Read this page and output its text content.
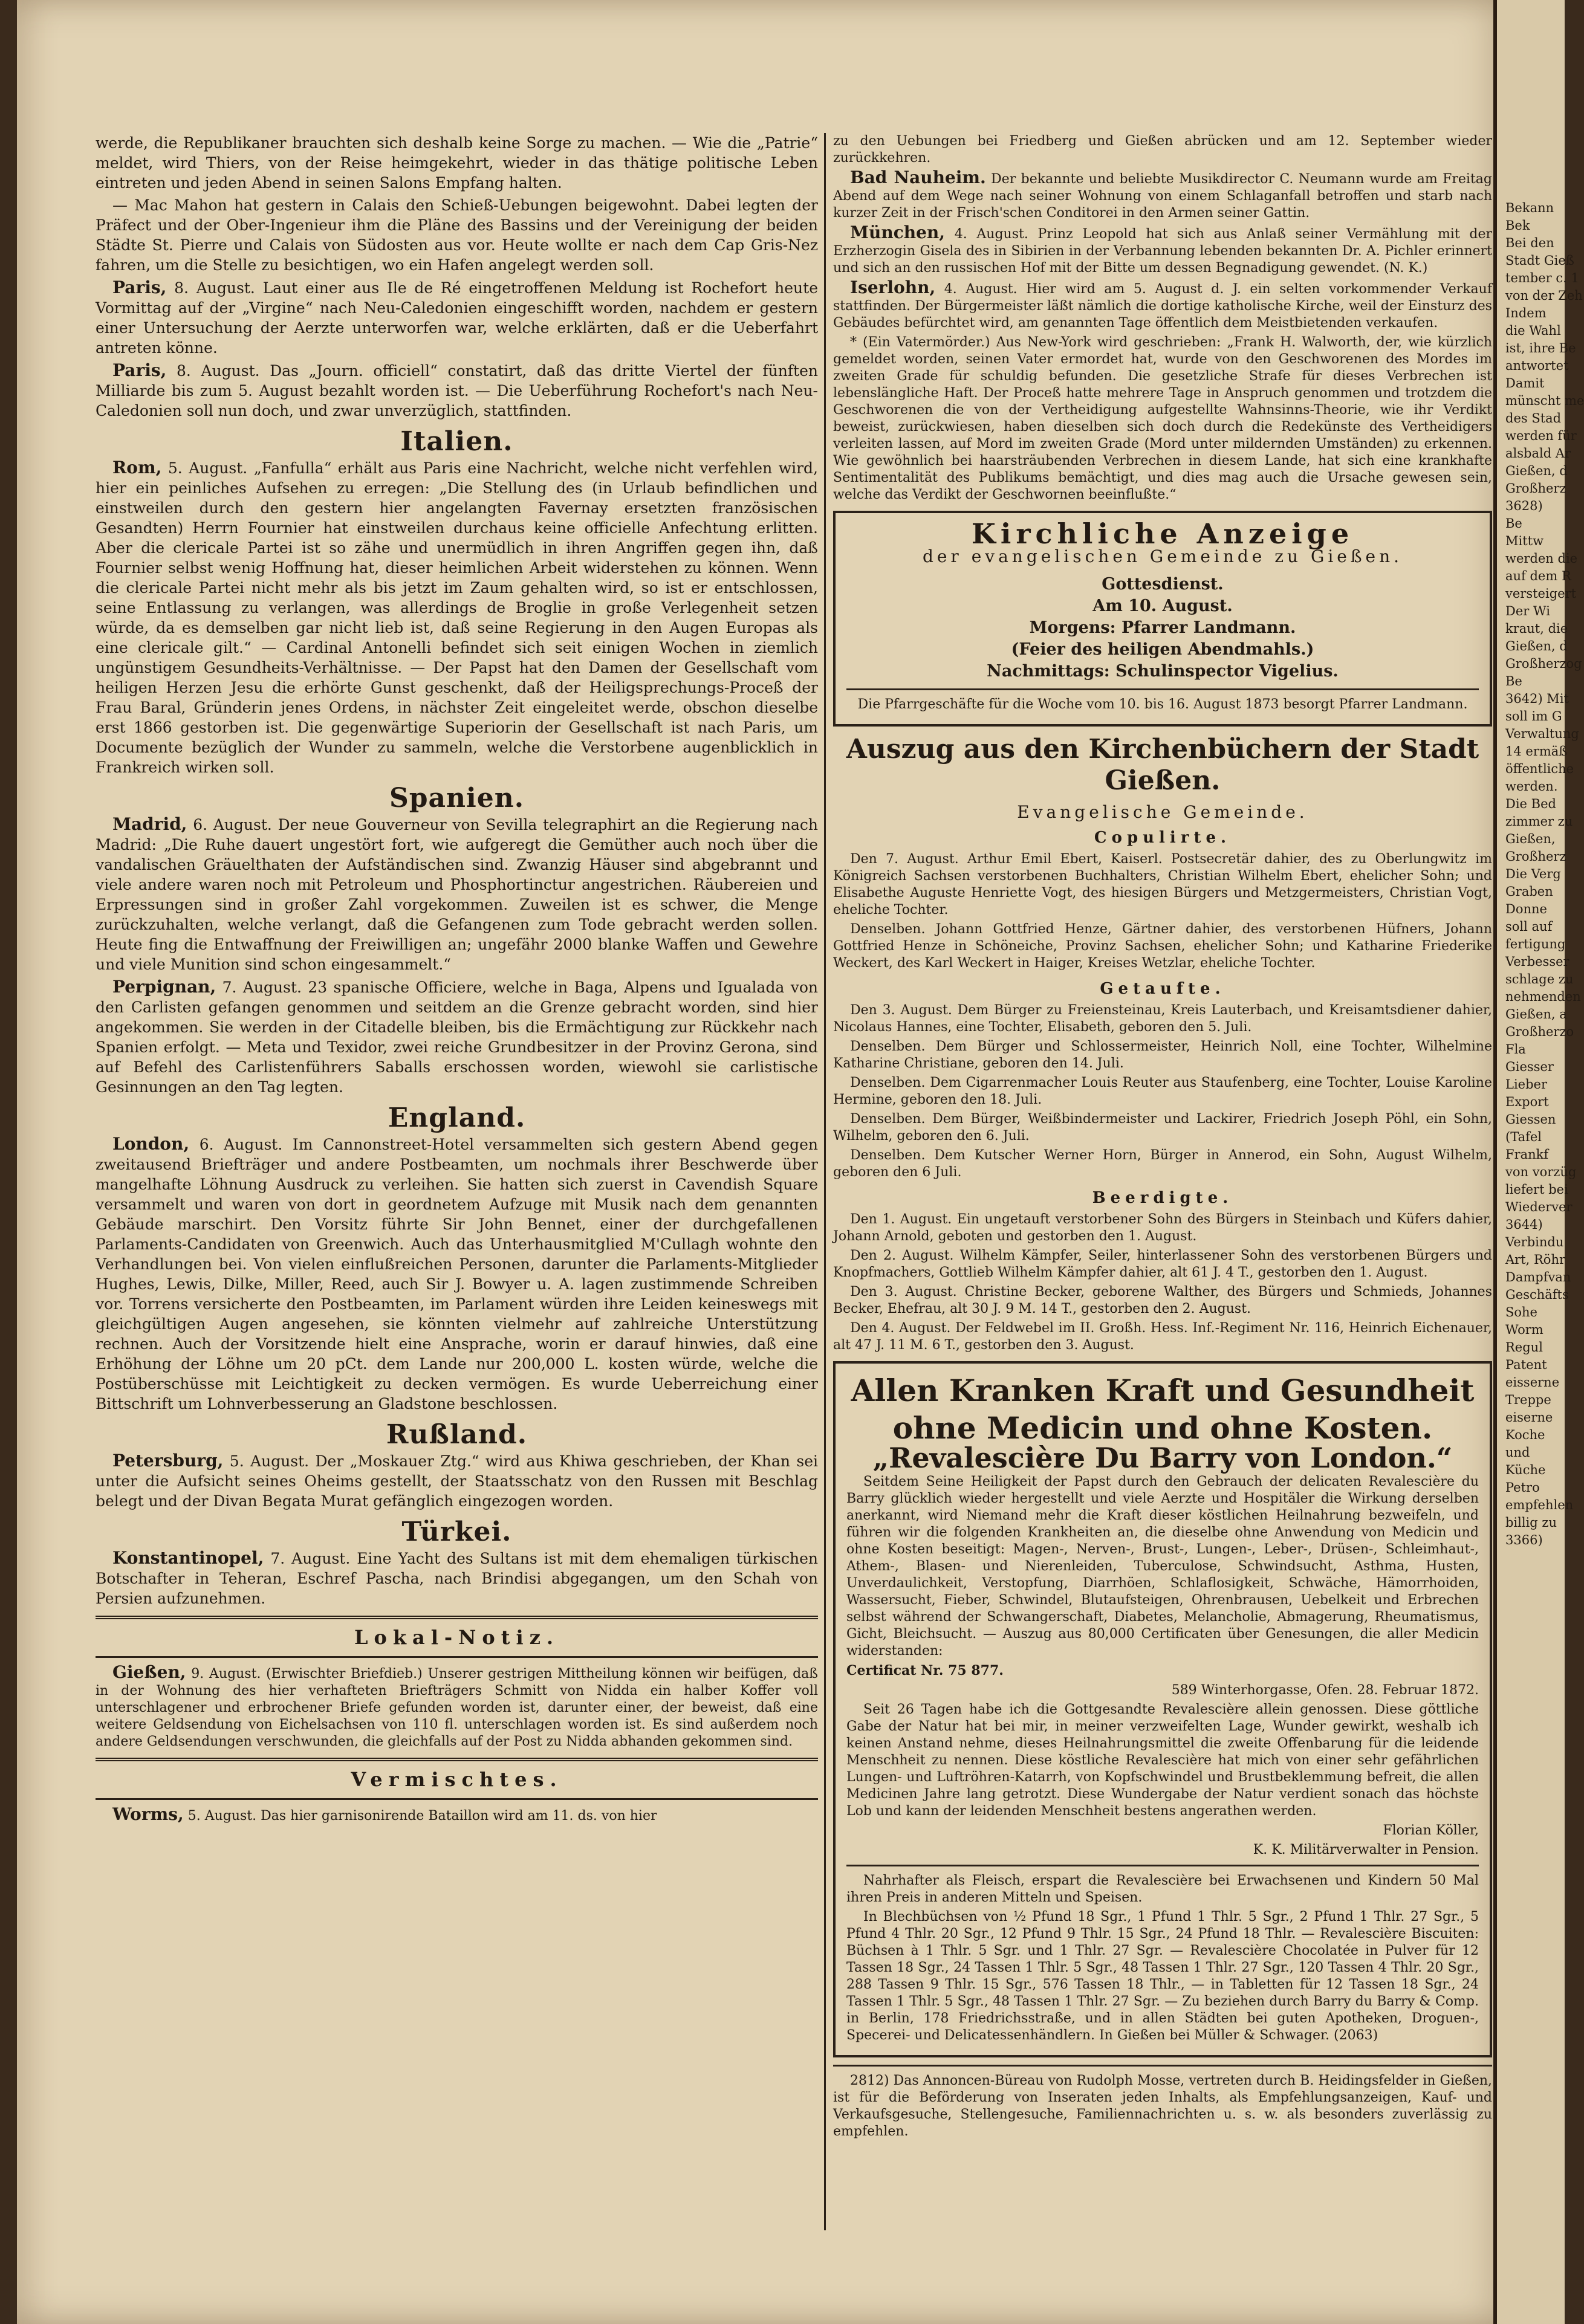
werde, die Republikaner brauchten sich deshalb keine Sorge zu machen. — Wie die „Patrie“ meldet, wird Thiers, von der Reise heimgekehrt, wieder in das thätige politische Leben eintreten und jeden Abend in seinen Salons Empfang halten.

— Mac Mahon hat gestern in Calais den Schieß-Uebungen beigewohnt. Dabei legten der Präfect und der Ober-Ingenieur ihm die Pläne des Bassins und der Vereinigung der beiden Städte St. Pierre und Calais von Südosten aus vor. Heute wollte er nach dem Cap Gris-Nez fahren, um die Stelle zu besichtigen, wo ein Hafen angelegt werden soll.

Paris, 8. August. Laut einer aus Ile de Ré eingetroffenen Meldung ist Rochefort heute Vormittag auf der „Virgine“ nach Neu-Caledonien eingeschifft worden, nachdem er gestern einer Untersuchung der Aerzte unterworfen war, welche erklärten, daß er die Ueberfahrt antreten könne.

Paris, 8. August. Das „Journ. officiell“ constatirt, daß das dritte Viertel der fünften Milliarde bis zum 5. August bezahlt worden ist. — Die Ueberführung Rochefort's nach Neu-Caledonien soll nun doch, und zwar unverzüglich, stattfinden.

Italien.

Rom, 5. August. „Fanfulla“ erhält aus Paris eine Nachricht, welche nicht verfehlen wird, hier ein peinliches Aufsehen zu erregen: „Die Stellung des (in Urlaub befindlichen und einstweilen durch den gestern hier angelangten Favernay ersetzten französischen Gesandten) Herrn Fournier hat einstweilen durchaus keine officielle Anfechtung erlitten. Aber die clericale Partei ist so zähe und unermüdlich in ihren Angriffen gegen ihn, daß Fournier selbst wenig Hoffnung hat, dieser heimlichen Arbeit widerstehen zu können. Wenn die clericale Partei nicht mehr als bis jetzt im Zaum gehalten wird, so ist er entschlossen, seine Entlassung zu verlangen, was allerdings de Broglie in große Verlegenheit setzen würde, da es demselben gar nicht lieb ist, daß seine Regierung in den Augen Europas als eine clericale gilt.“ — Cardinal Antonelli befindet sich seit einigen Wochen in ziemlich ungünstigem Gesundheits-Verhältnisse. — Der Papst hat den Damen der Gesellschaft vom heiligen Herzen Jesu die erhörte Gunst geschenkt, daß der Heiligsprechungs-Proceß der Frau Baral, Gründerin jenes Ordens, in nächster Zeit eingeleitet werde, obschon dieselbe erst 1866 gestorben ist. Die gegenwärtige Superiorin der Gesellschaft ist nach Paris, um Documente bezüglich der Wunder zu sammeln, welche die Verstorbene augenblicklich in Frankreich wirken soll.

Spanien.

Madrid, 6. August. Der neue Gouverneur von Sevilla telegraphirt an die Regierung nach Madrid: „Die Ruhe dauert ungestört fort, wie aufgeregt die Gemüther auch noch über die vandalischen Gräuelthaten der Aufständischen sind. Zwanzig Häuser sind abgebrannt und viele andere waren noch mit Petroleum und Phosphortinctur angestrichen. Räubereien und Erpressungen sind in großer Zahl vorgekommen. Zuweilen ist es schwer, die Menge zurückzuhalten, welche verlangt, daß die Gefangenen zum Tode gebracht werden sollen. Heute fing die Entwaffnung der Freiwilligen an; ungefähr 2000 blanke Waffen und Gewehre und viele Munition sind schon eingesammelt.“

Perpignan, 7. August. 23 spanische Officiere, welche in Baga, Alpens und Igualada von den Carlisten gefangen genommen und seitdem an die Grenze gebracht worden, sind hier angekommen. Sie werden in der Citadelle bleiben, bis die Ermächtigung zur Rückkehr nach Spanien erfolgt. — Meta und Texidor, zwei reiche Grundbesitzer in der Provinz Gerona, sind auf Befehl des Carlistenführers Saballs erschossen worden, wiewohl sie carlistische Gesinnungen an den Tag legten.

England.

London, 6. August. Im Cannonstreet-Hotel versammelten sich gestern Abend gegen zweitausend Briefträger und andere Postbeamten, um nochmals ihrer Beschwerde über mangelhafte Löhnung Ausdruck zu verleihen. Sie hatten sich zuerst in Cavendish Square versammelt und waren von dort in geordnetem Aufzuge mit Musik nach dem genannten Gebäude marschirt. Den Vorsitz führte Sir John Bennet, einer der durchgefallenen Parlaments-Candidaten von Greenwich. Auch das Unterhausmitglied M'Cullagh wohnte den Verhandlungen bei. Von vielen einflußreichen Personen, darunter die Parlaments-Mitglieder Hughes, Lewis, Dilke, Miller, Reed, auch Sir J. Bowyer u. A. lagen zustimmende Schreiben vor. Torrens versicherte den Postbeamten, im Parlament würden ihre Leiden keineswegs mit gleichgültigen Augen angesehen, sie könnten vielmehr auf zahlreiche Unterstützung rechnen. Auch der Vorsitzende hielt eine Ansprache, worin er darauf hinwies, daß eine Erhöhung der Löhne um 20 pCt. dem Lande nur 200,000 L. kosten würde, welche die Postüberschüsse mit Leichtigkeit zu decken vermögen. Es wurde Ueberreichung einer Bittschrift um Lohnverbesserung an Gladstone beschlossen.

Rußland.

Petersburg, 5. August. Der „Moskauer Ztg.“ wird aus Khiwa geschrieben, der Khan sei unter die Aufsicht seines Oheims gestellt, der Staatsschatz von den Russen mit Beschlag belegt und der Divan Begata Murat gefänglich eingezogen worden.

Türkei.

Konstantinopel, 7. August. Eine Yacht des Sultans ist mit dem ehemaligen türkischen Botschafter in Teheran, Eschref Pascha, nach Brindisi abgegangen, um den Schah von Persien aufzunehmen.

Lokal-Notiz.

Gießen, 9. August. (Erwischter Briefdieb.) Unserer gestrigen Mittheilung können wir beifügen, daß in der Wohnung des hier verhafteten Briefträgers Schmitt von Nidda ein halber Koffer voll unterschlagener und erbrochener Briefe gefunden worden ist, darunter einer, der beweist, daß eine weitere Geldsendung von Eichelsachsen von 110 fl. unterschlagen worden ist. Es sind außerdem noch andere Geldsendungen verschwunden, die gleichfalls auf der Post zu Nidda abhanden gekommen sind.

Vermischtes.

Worms, 5. August. Das hier garnisonirende Bataillon wird am 11. ds. von hier

zu den Uebungen bei Friedberg und Gießen abrücken und am 12. September wieder zurückkehren.

Bad Nauheim. Der bekannte und beliebte Musikdirector C. Neumann wurde am Freitag Abend auf dem Wege nach seiner Wohnung von einem Schlaganfall betroffen und starb nach kurzer Zeit in der Frisch'schen Conditorei in den Armen seiner Gattin.

München, 4. August. Prinz Leopold hat sich aus Anlaß seiner Vermählung mit der Erzherzogin Gisela des in Sibirien in der Verbannung lebenden bekannten Dr. A. Pichler erinnert und sich an den russischen Hof mit der Bitte um dessen Begnadigung gewendet. (N. K.)

Iserlohn, 4. August. Hier wird am 5. August d. J. ein selten vorkommender Verkauf stattfinden. Der Bürgermeister läßt nämlich die dortige katholische Kirche, weil der Einsturz des Gebäudes befürchtet wird, am genannten Tage öffentlich dem Meistbietenden verkaufen.

* (Ein Vatermörder.) Aus New-York wird geschrieben: „Frank H. Walworth, der, wie kürzlich gemeldet worden, seinen Vater ermordet hat, wurde von den Geschworenen des Mordes im zweiten Grade für schuldig befunden. Die gesetzliche Strafe für dieses Verbrechen ist lebenslängliche Haft. Der Proceß hatte mehrere Tage in Anspruch genommen und trotzdem die Geschworenen die von der Vertheidigung aufgestellte Wahnsinns-Theorie, wie ihr Verdikt beweist, zurückwiesen, haben dieselben sich doch durch die Redekünste des Vertheidigers verleiten lassen, auf Mord im zweiten Grade (Mord unter mildernden Umständen) zu erkennen. Wie gewöhnlich bei haarsträubenden Verbrechen in diesem Lande, hat sich eine krankhafte Sentimentalität des Publikums bemächtigt, und dies mag auch die Ursache gewesen sein, welche das Verdikt der Geschwornen beeinflußte.“

Kirchliche Anzeige
der evangelischen Gemeinde zu Gießen.
Gottesdienst.
Am 10. August.
Morgens: Pfarrer Landmann.
(Feier des heiligen Abendmahls.)
Nachmittags: Schulinspector Vigelius.

Die Pfarrgeschäfte für die Woche vom 10. bis 16. August 1873 besorgt Pfarrer Landmann.

Auszug aus den Kirchenbüchern der Stadt Gießen.
Evangelische Gemeinde.
Copulirte.

Den 7. August. Arthur Emil Ebert, Kaiserl. Postsecretär dahier, des zu Oberlungwitz im Königreich Sachsen verstorbenen Buchhalters, Christian Wilhelm Ebert, ehelicher Sohn; und Elisabethe Auguste Henriette Vogt, des hiesigen Bürgers und Metzgermeisters, Christian Vogt, eheliche Tochter.

Denselben. Johann Gottfried Henze, Gärtner dahier, des verstorbenen Hüfners, Johann Gottfried Henze in Schöneiche, Provinz Sachsen, ehelicher Sohn; und Katharine Friederike Weckert, des Karl Weckert in Haiger, Kreises Wetzlar, eheliche Tochter.

Getaufte.

Den 3. August. Dem Bürger zu Freiensteinau, Kreis Lauterbach, und Kreisamtsdiener dahier, Nicolaus Hannes, eine Tochter, Elisabeth, geboren den 5. Juli.

Denselben. Dem Bürger und Schlossermeister, Heinrich Noll, eine Tochter, Wilhelmine Katharine Christiane, geboren den 14. Juli.

Denselben. Dem Cigarrenmacher Louis Reuter aus Staufenberg, eine Tochter, Louise Karoline Hermine, geboren den 18. Juli.

Denselben. Dem Bürger, Weißbindermeister und Lackirer, Friedrich Joseph Pöhl, ein Sohn, Wilhelm, geboren den 6. Juli.

Denselben. Dem Kutscher Werner Horn, Bürger in Annerod, ein Sohn, August Wilhelm, geboren den 6 Juli.

Beerdigte.

Den 1. August. Ein ungetauft verstorbener Sohn des Bürgers in Steinbach und Küfers dahier, Johann Arnold, geboten und gestorben den 1. August.

Den 2. August. Wilhelm Kämpfer, Seiler, hinterlassener Sohn des verstorbenen Bürgers und Knopfmachers, Gottlieb Wilhelm Kämpfer dahier, alt 61 J. 4 T., gestorben den 1. August.

Den 3. August. Christine Becker, geborene Walther, des Bürgers und Schmieds, Johannes Becker, Ehefrau, alt 30 J. 9 M. 14 T., gestorben den 2. August.

Den 4. August. Der Feldwebel im II. Großh. Hess. Inf.-Regiment Nr. 116, Heinrich Eichenauer, alt 47 J. 11 M. 6 T., gestorben den 3. August.

Allen Kranken Kraft und Gesundheit ohne Medicin und ohne Kosten.
„Revalescière Du Barry von London.“

Seitdem Seine Heiligkeit der Papst durch den Gebrauch der delicaten Revalescière du Barry glücklich wieder hergestellt und viele Aerzte und Hospitäler die Wirkung derselben anerkannt, wird Niemand mehr die Kraft dieser köstlichen Heilnahrung bezweifeln, und führen wir die folgenden Krankheiten an, die dieselbe ohne Anwendung von Medicin und ohne Kosten beseitigt: Magen-, Nerven-, Brust-, Lungen-, Leber-, Drüsen-, Schleimhaut-, Athem-, Blasen- und Nierenleiden, Tuberculose, Schwindsucht, Asthma, Husten, Unverdaulichkeit, Verstopfung, Diarrhöen, Schlaflosigkeit, Schwäche, Hämorrhoiden, Wassersucht, Fieber, Schwindel, Blutaufsteigen, Ohrenbrausen, Uebelkeit und Erbrechen selbst während der Schwangerschaft, Diabetes, Melancholie, Abmagerung, Rheumatismus, Gicht, Bleichsucht. — Auszug aus 80,000 Certificaten über Genesungen, die aller Medicin widerstanden:

Certificat Nr. 75 877.

589 Winterhorgasse, Ofen. 28. Februar 1872.

Seit 26 Tagen habe ich die Gottgesandte Revalescière allein genossen. Diese göttliche Gabe der Natur hat bei mir, in meiner verzweifelten Lage, Wunder gewirkt, weshalb ich keinen Anstand nehme, dieses Heilnahrungsmittel die zweite Offenbarung für die leidende Menschheit zu nennen. Diese köstliche Revalescière hat mich von einer sehr gefährlichen Lungen- und Luftröhren-Katarrh, von Kopfschwindel und Brustbeklemmung befreit, die allen Medicinen Jahre lang getrotzt. Diese Wundergabe der Natur verdient sonach das höchste Lob und kann der leidenden Menschheit bestens angerathen werden.

Florian Köller,

K. K. Militärverwalter in Pension.

Nahrhafter als Fleisch, erspart die Revalescière bei Erwachsenen und Kindern 50 Mal ihren Preis in anderen Mitteln und Speisen.

In Blechbüchsen von ½ Pfund 18 Sgr., 1 Pfund 1 Thlr. 5 Sgr., 2 Pfund 1 Thlr. 27 Sgr., 5 Pfund 4 Thlr. 20 Sgr., 12 Pfund 9 Thlr. 15 Sgr., 24 Pfund 18 Thlr. — Revalescière Biscuiten: Büchsen à 1 Thlr. 5 Sgr. und 1 Thlr. 27 Sgr. — Revalescière Chocolatée in Pulver für 12 Tassen 18 Sgr., 24 Tassen 1 Thlr. 5 Sgr., 48 Tassen 1 Thlr. 27 Sgr., 120 Tassen 4 Thlr. 20 Sgr., 288 Tassen 9 Thlr. 15 Sgr., 576 Tassen 18 Thlr., — in Tabletten für 12 Tassen 18 Sgr., 24 Tassen 1 Thlr. 5 Sgr., 48 Tassen 1 Thlr. 27 Sgr. — Zu beziehen durch Barry du Barry & Comp. in Berlin, 178 Friedrichsstraße, und in allen Städten bei guten Apotheken, Droguen-, Specerei- und Delicatessenhändlern. In Gießen bei Müller & Schwager. (2063)

2812) Das Annoncen-Büreau von Rudolph Mosse, vertreten durch B. Heidingsfelder in Gießen, ist für die Beförderung von Inseraten jeden Inhalts, als Empfehlungsanzeigen, Kauf- und Verkaufsgesuche, Stellengesuche, Familiennachrichten u. s. w. als besonders zuverlässig zu empfehlen.

Bekann
Bek
Bei den
Stadt Gieß
tember c. 1
von der Zeh
Indem
die Wahl
ist, ihre Be
antwortet
Damit
münscht me
des Stad
werden für
alsbald Ar
Gießen, d
Großherz
3628)
Be
Mittw
werden die
auf dem R
versteigert
Der Wi
kraut, die
Gießen, d
Großherzog
Be
3642) Mit
soll im G
Verwaltung
14 ermäß
öffentliche
werden.
Die Bed
zimmer zu
Gießen,
Großherz
Die Verg
Graben
Donne
soll auf
fertigung
Verbesser
schlage zu
nehmenden
Gießen, a
Großherzo
Fla
Giesser
Lieber
Export
Giessen
(Tafel
Frankf
von vorzüg
liefert bei
Wiederver
3644)
Verbindu
Art, Röhr
Dampfvan
Geschäfts
Sohe
Worm
Regul
Patent
eisserne
Treppe
eiserne
Koche
und
Küche
Petro
empfehlen
billig zu
3366)
